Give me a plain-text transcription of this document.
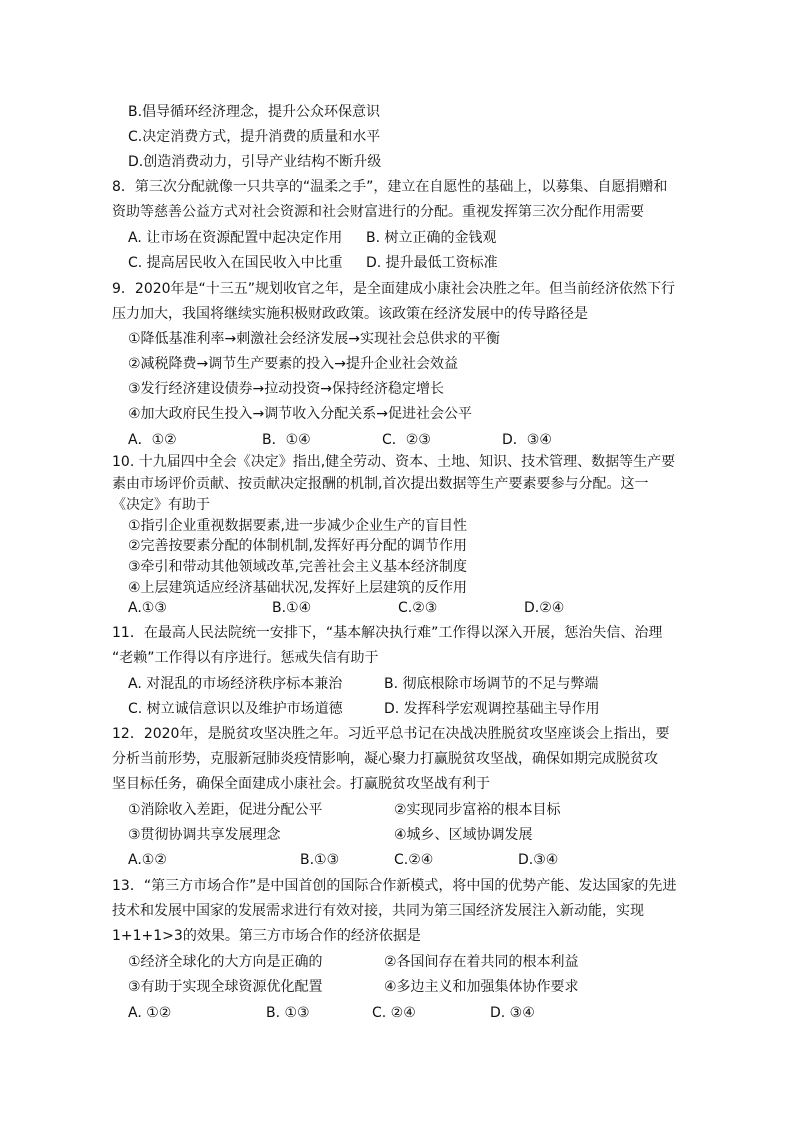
B.倡导循环经济理念，提升公众环保意识
C.决定消费方式，提升消费的质量和水平
D.创造消费动力，引导产业结构不断升级
8．第三次分配就像一只共享的“温柔之手”，建立在自愿性的基础上，以募集、自愿捐赠和
资助等慈善公益方式对社会资源和社会财富进行的分配。重视发挥第三次分配作用需要
A. 让市场在资源配置中起决定作用 B. 树立正确的金钱观
C. 提高居民收入在国民收入中比重 D. 提升最低工资标准
9．2020年是“十三五”规划收官之年，是全面建成小康社会决胜之年。但当前经济依然下行
压力加大，我国将继续实施积极财政政策。该政策在经济发展中的传导路径是
①降低基准利率→刺激社会经济发展→实现社会总供求的平衡
②减税降费→调节生产要素的投入→提升企业社会效益
③发行经济建设债券→拉动投资→保持经济稳定增长
④加大政府民生投入→调节收入分配关系→促进社会公平
A．①②	B．①④	C．②③	D．③④
10. 十九届四中全会《决定》指出,健全劳动、资本、土地、知识、技术管理、数据等生产要
素由市场评价贡献、按贡献决定报酬的机制,首次提出数据等生产要素要参与分配。这一
《决定》有助于
①指引企业重视数据要素,进一步减少企业生产的盲目性
②完善按要素分配的体制机制,发挥好再分配的调节作用
③牵引和带动其他领域改革,完善社会主义基本经济制度
④上层建筑适应经济基础状况,发挥好上层建筑的反作用
A.①③	B.①④	C.②③	D.②④
11．在最高人民法院统一安排下，“基本解决执行难”工作得以深入开展，惩治失信、治理
“老赖”工作得以有序进行。惩戒失信有助于
A. 对混乱的市场经济秩序标本兼治	B. 彻底根除市场调节的不足与弊端
C. 树立诚信意识以及维护市场道德	D. 发挥科学宏观调控基础主导作用
12．2020年，是脱贫攻坚决胜之年。习近平总书记在决战决胜脱贫攻坚座谈会上指出，要
分析当前形势，克服新冠肺炎疫情影响，凝心聚力打赢脱贫攻坚战，确保如期完成脱贫攻
坚目标任务，确保全面建成小康社会。打赢脱贫攻坚战有利于
①消除收入差距，促进分配公平	②实现同步富裕的根本目标
③贯彻协调共享发展理念	④城乡、区域协调发展
A.①②	B.①③	C.②④	D.③④
13．“第三方市场合作”是中国首创的国际合作新模式，将中国的优势产能、发达国家的先进
技术和发展中国家的发展需求进行有效对接，共同为第三国经济发展注入新动能，实现
1+1+1>3的效果。第三方市场合作的经济依据是
①经济全球化的大方向是正确的	②各国间存在着共同的根本利益
③有助于实现全球资源优化配置	④多边主义和加强集体协作要求
A. ①②	B. ①③	C. ②④	D. ③④
